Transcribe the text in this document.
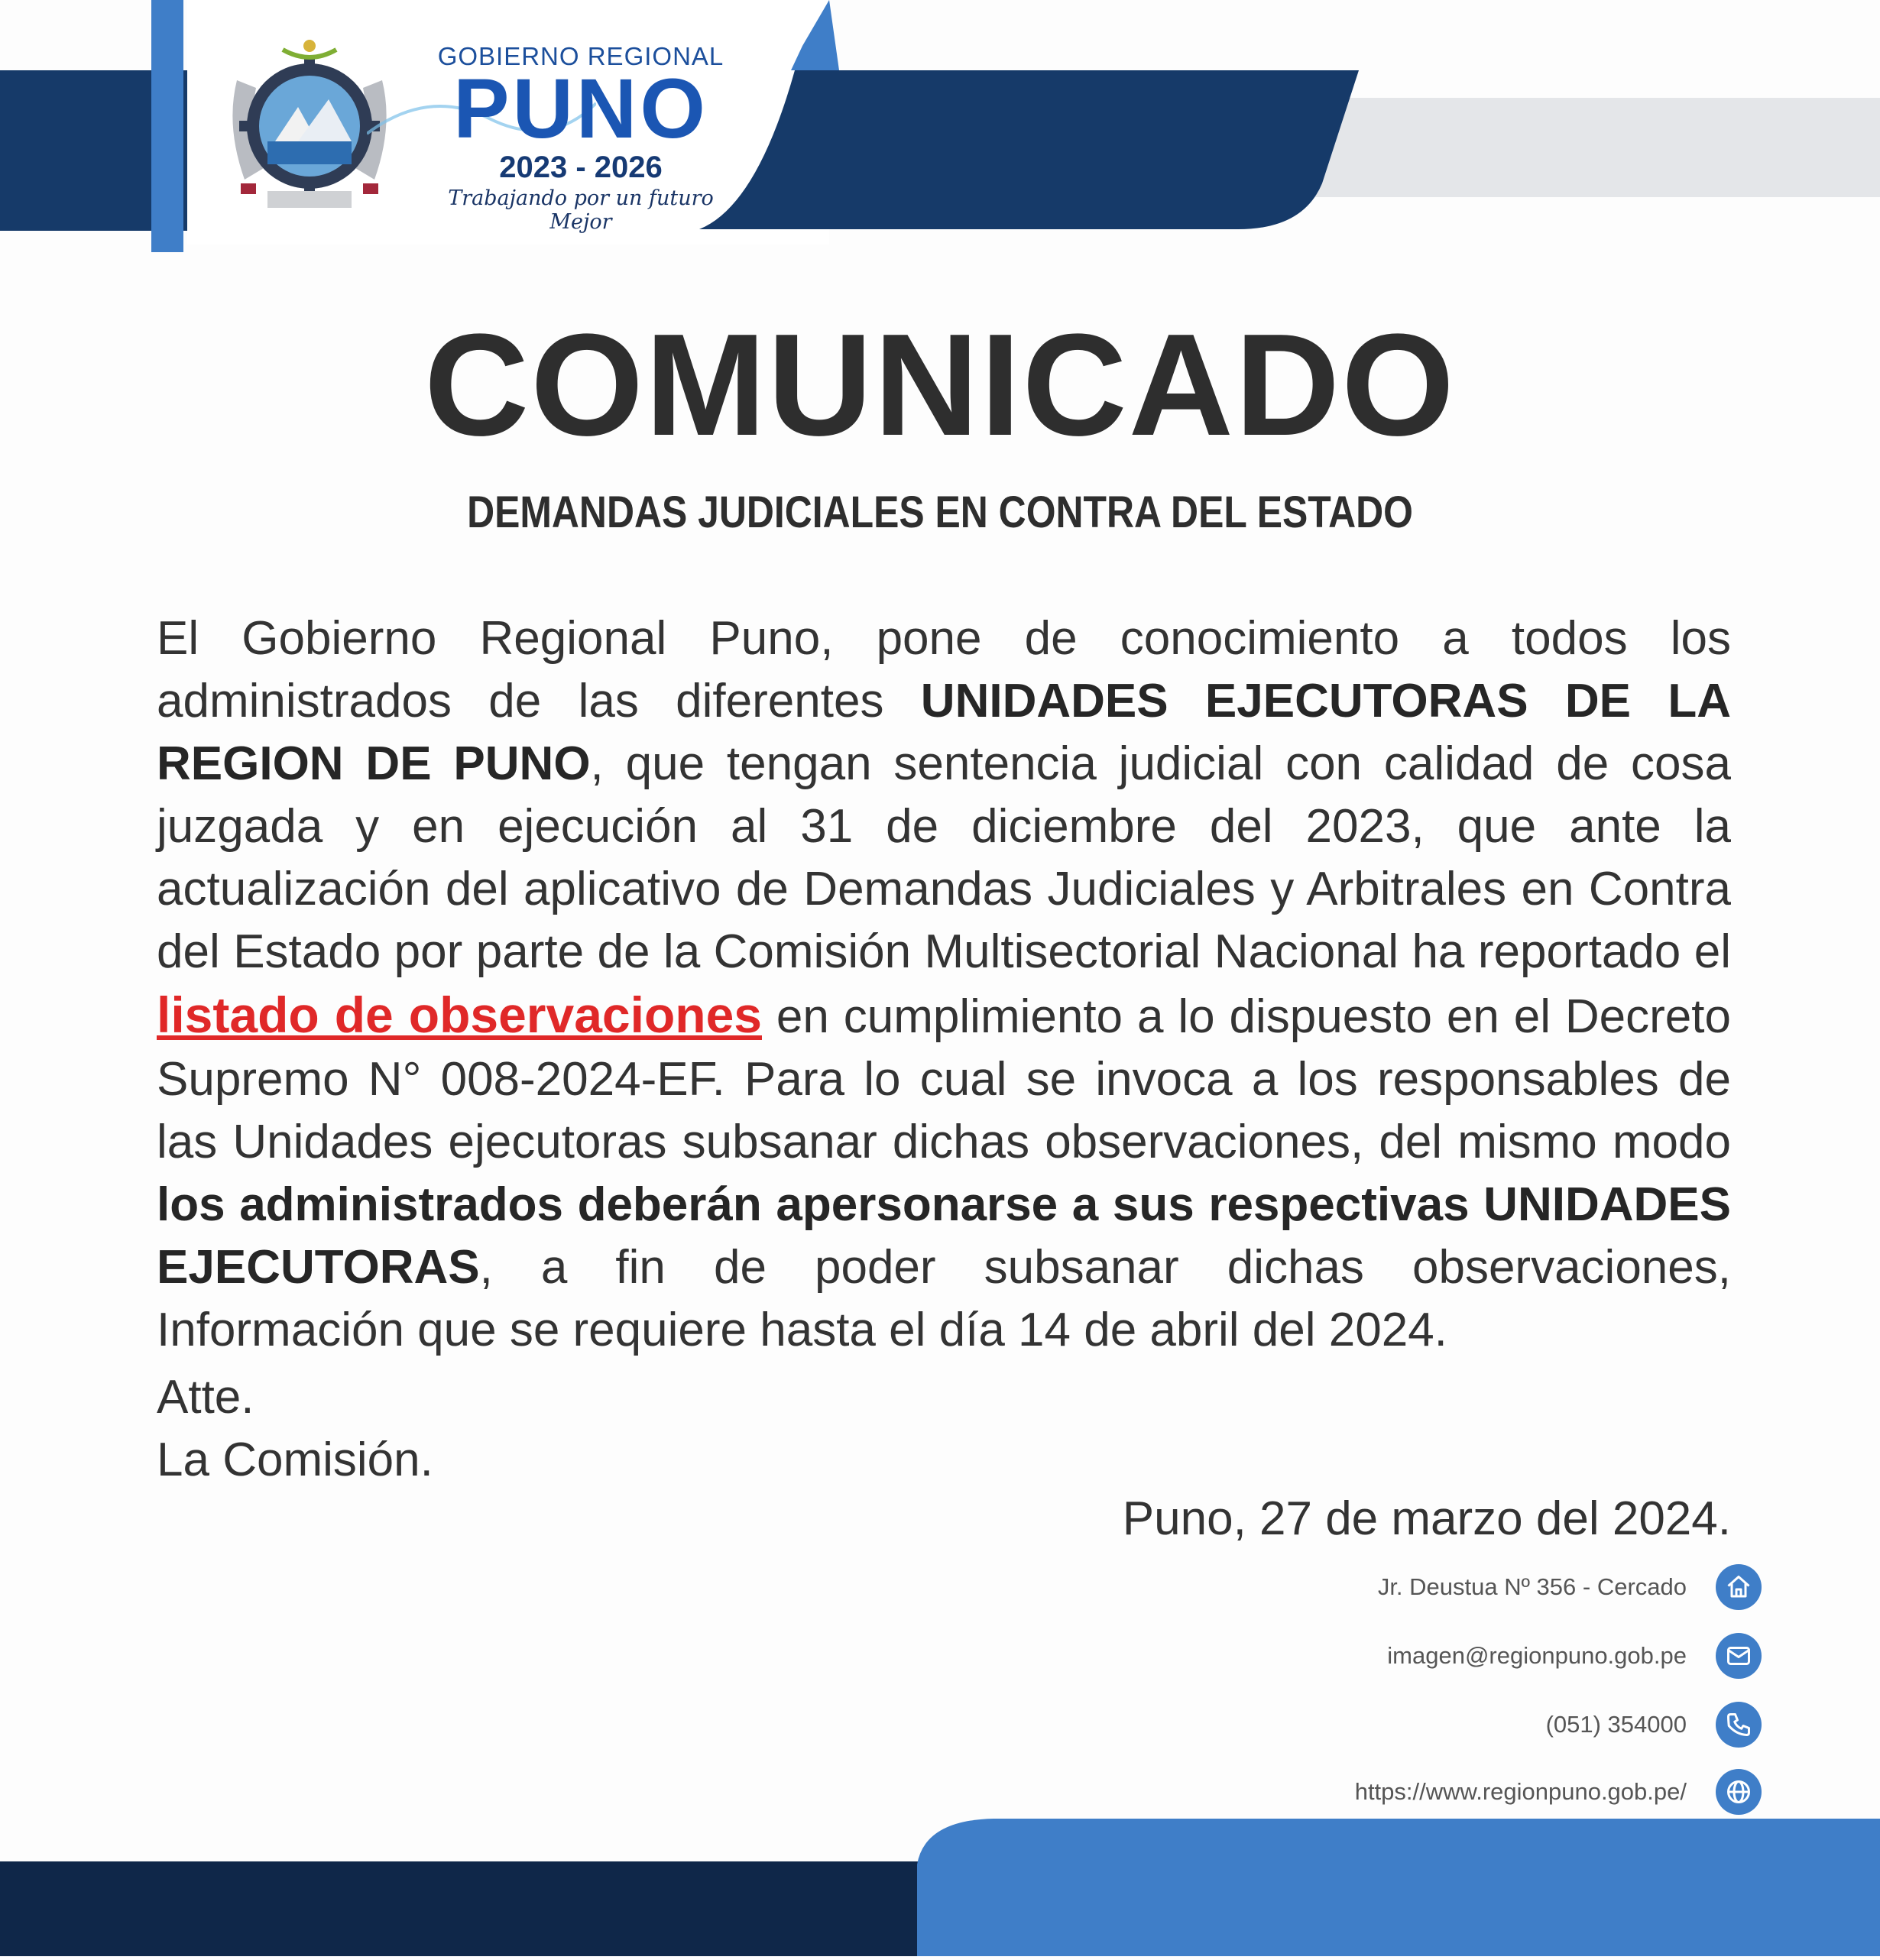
GOBIERNO REGIONAL
PUNO
2023 - 2026
Trabajando por un futuro Mejor
COMUNICADO
DEMANDAS JUDICIALES EN CONTRA DEL ESTADO
El Gobierno Regional Puno, pone de conocimiento a todos los administrados de las diferentes UNIDADES EJECUTORAS DE LA REGION DE PUNO, que tengan sentencia judicial con calidad de cosa juzgada y en ejecución al 31 de diciembre del 2023, que ante la actualización del aplicativo de Demandas Judiciales y Arbitrales en Contra del Estado por parte de la Comisión Multisectorial Nacional ha reportado el listado de observaciones en cumplimiento a lo dispuesto en el Decreto Supremo N° 008-2024-EF. Para lo cual se invoca a los responsables de las Unidades ejecutoras subsanar dichas observaciones, del mismo modo los administrados deberán apersonarse a sus respectivas UNIDADES EJECUTORAS, a fin de poder subsanar dichas observaciones, Información que se requiere hasta el día 14 de abril del 2024.
Atte.
La Comisión.
Puno, 27 de marzo del 2024.
Jr. Deustua Nº 356 - Cercado
imagen@regionpuno.gob.pe
(051) 354000
https://www.regionpuno.gob.pe/
